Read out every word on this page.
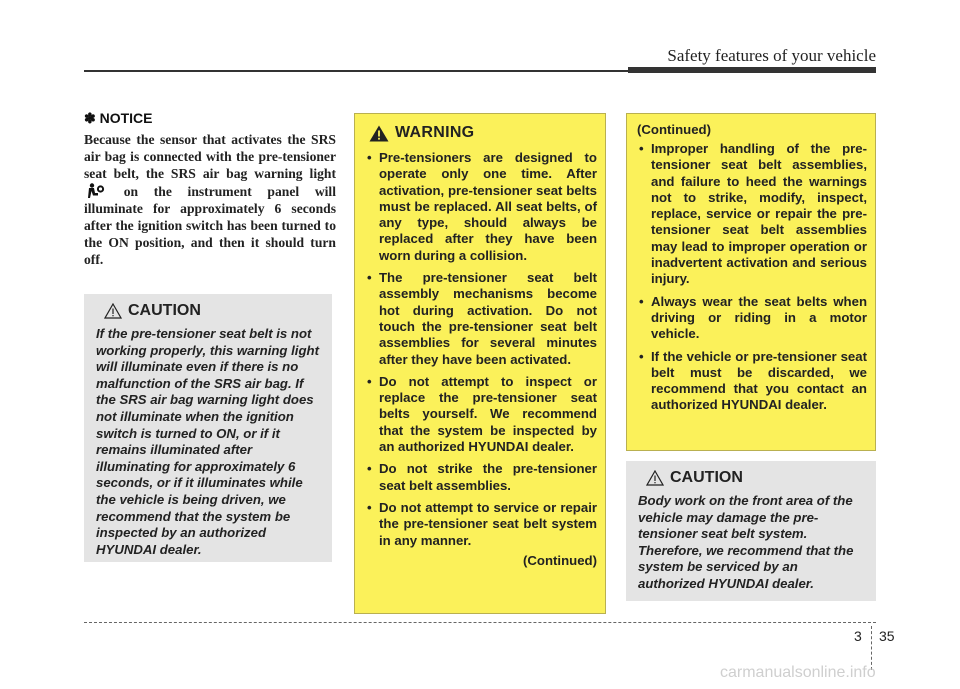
Safety features of your vehicle
✽ NOTICE
Because the sensor that activates the SRS air bag is connected with the pre-tensioner seat belt, the SRS air bag warning light  on the instrument panel will illuminate for approximately 6 seconds after the ignition switch has been turned to the ON position, and then it should turn off.
CAUTION
If the pre-tensioner seat belt is not working properly, this warning light will illuminate even if there is no malfunction of the SRS air bag. If the SRS air bag warning light does not illuminate when the ignition switch is turned to ON, or if it remains illuminated after illuminating for approximately 6 seconds, or if it illuminates while the vehicle is being driven, we recommend that the system be inspected by an authorized HYUNDAI dealer.
WARNING
• Pre-tensioners are designed to operate only one time. After activation, pre-tensioner seat belts must be replaced. All seat belts, of any type, should always be replaced after they have been worn during a collision.
• The pre-tensioner seat belt assembly mechanisms become hot during activation. Do not touch the pre-tensioner seat belt assemblies for several minutes after they have been activated.
• Do not attempt to inspect or replace the pre-tensioner seat belts yourself. We recommend that the system be inspected by an authorized HYUNDAI dealer.
• Do not strike the pre-tensioner seat belt assemblies.
• Do not attempt to service or repair the pre-tensioner seat belt system in any manner.
(Continued)
(Continued)
• Improper handling of the pre-tensioner seat belt assemblies, and failure to heed the warnings not to strike, modify, inspect, replace, service or repair the pre-tensioner seat belt assemblies may lead to improper operation or inadvertent activation and serious injury.
• Always wear the seat belts when driving or riding in a motor vehicle.
• If the vehicle or pre-tensioner seat belt must be discarded, we recommend that you contact an authorized HYUNDAI dealer.
CAUTION
Body work on the front area of the vehicle may damage the pre-tensioner seat belt system. Therefore, we recommend that the system be serviced by an authorized HYUNDAI dealer.
3 35
carmanualsonline.info
